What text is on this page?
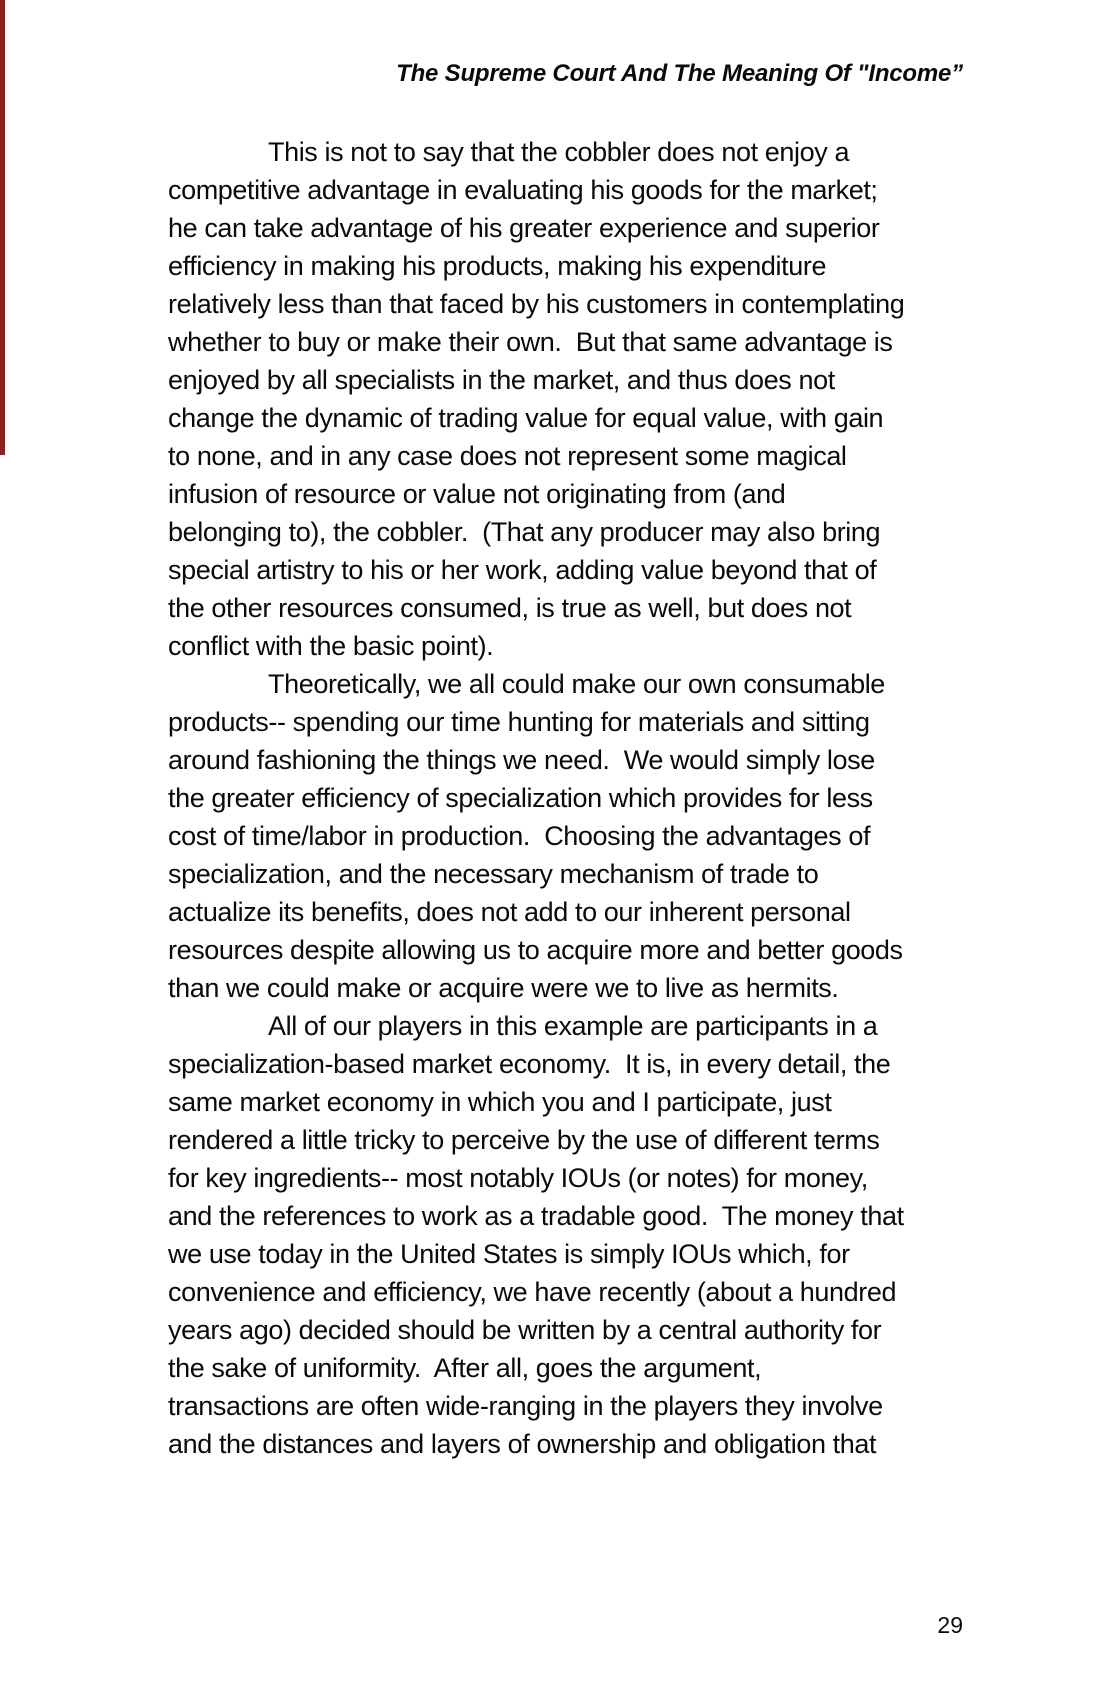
The Supreme Court And The Meaning Of "Income”
This is not to say that the cobbler does not enjoy a
competitive advantage in evaluating his goods for the market;
he can take advantage of his greater experience and superior
efficiency in making his products, making his expenditure
relatively less than that faced by his customers in contemplating
whether to buy or make their own.  But that same advantage is
enjoyed by all specialists in the market, and thus does not
change the dynamic of trading value for equal value, with gain
to none, and in any case does not represent some magical
infusion of resource or value not originating from (and
belonging to), the cobbler.  (That any producer may also bring
special artistry to his or her work, adding value beyond that of
the other resources consumed, is true as well, but does not
conflict with the basic point).
Theoretically, we all could make our own consumable
products-- spending our time hunting for materials and sitting
around fashioning the things we need.  We would simply lose
the greater efficiency of specialization which provides for less
cost of time/labor in production.  Choosing the advantages of
specialization, and the necessary mechanism of trade to
actualize its benefits, does not add to our inherent personal
resources despite allowing us to acquire more and better goods
than we could make or acquire were we to live as hermits.
All of our players in this example are participants in a
specialization-based market economy.  It is, in every detail, the
same market economy in which you and I participate, just
rendered a little tricky to perceive by the use of different terms
for key ingredients-- most notably IOUs (or notes) for money,
and the references to work as a tradable good.  The money that
we use today in the United States is simply IOUs which, for
convenience and efficiency, we have recently (about a hundred
years ago) decided should be written by a central authority for
the sake of uniformity.  After all, goes the argument,
transactions are often wide-ranging in the players they involve
and the distances and layers of ownership and obligation that
29
